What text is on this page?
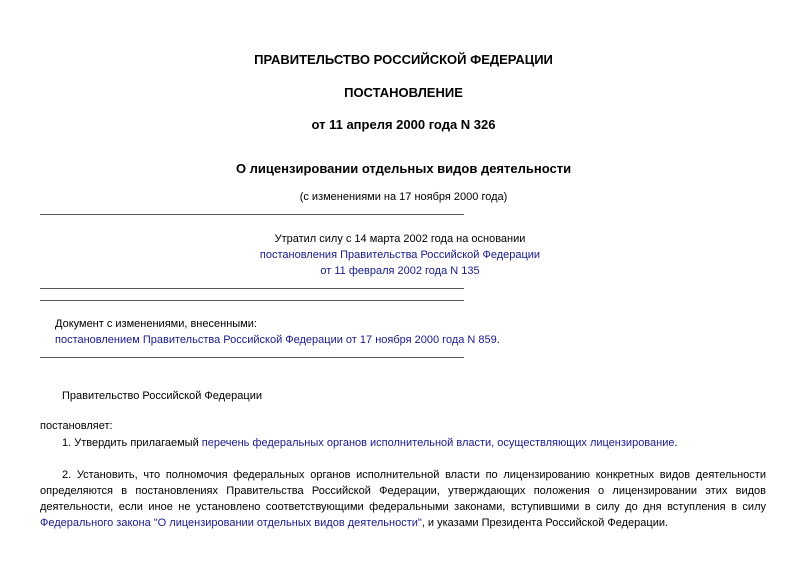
ПРАВИТЕЛЬСТВО РОССИЙСКОЙ ФЕДЕРАЦИИ
ПОСТАНОВЛЕНИЕ
от 11 апреля 2000 года N 326
О лицензировании отдельных видов деятельности
(с изменениями на 17 ноября 2000 года)
Утратил силу с 14 марта 2002 года на основании
постановления Правительства Российской Федерации
от 11 февраля 2002 года N 135
Документ с изменениями, внесенными:
постановлением Правительства Российской Федерации от 17 ноября 2000 года N 859.
Правительство Российской Федерации
постановляет:
1. Утвердить прилагаемый перечень федеральных органов исполнительной власти, осуществляющих лицензирование.
2. Установить, что полномочия федеральных органов исполнительной власти по лицензированию конкретных видов деятельности определяются в постановлениях Правительства Российской Федерации, утверждающих положения о лицензировании этих видов деятельности, если иное не установлено соответствующими федеральными законами, вступившими в силу до дня вступления в силу Федерального закона "О лицензировании отдельных видов деятельности", и указами Президента Российской Федерации.
